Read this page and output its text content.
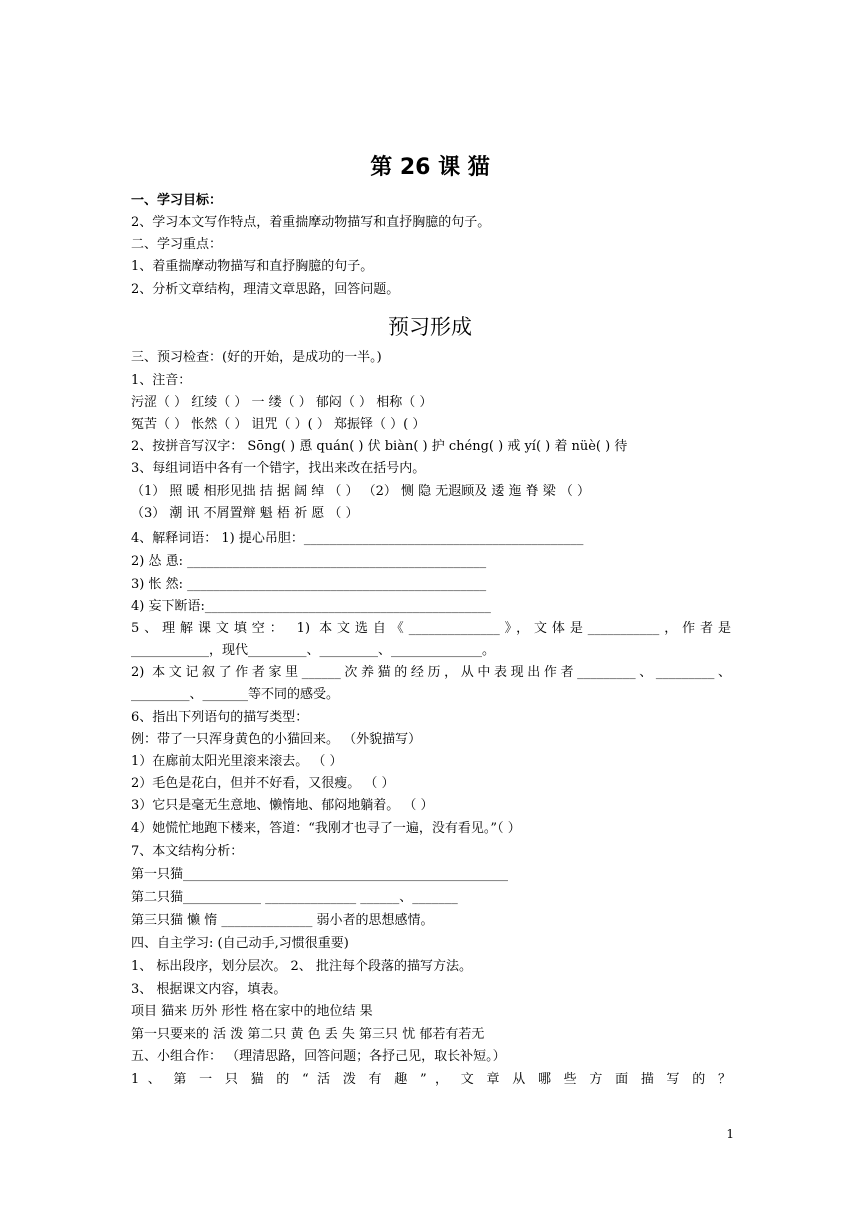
第 26 课 猫
一、学习目标：
2、学习本文写作特点，着重揣摩动物描写和直抒胸臆的句子。
二、学习重点：
1、着重揣摩动物描写和直抒胸臆的句子。
2、分析文章结构，理清文章思路，回答问题。
预习形成
三、预习检查：(好的开始，是成功的一半。)
1、注音：
污涩（ ） 红绫（ ） 一 缕（ ） 郁闷（ ） 相称（ ）
冤苦（ ） 怅然（ ） 诅咒（ ）( ） 郑振铎（ ）( ）
2、按拼音写汉字： Sōng( ) 恿 quán( ) 伏 biàn( ) 护 chéng( ) 戒 yí( ) 着 nüè( ) 待
3、每组词语中各有一个错字，找出来改在括号内。
（1） 照 暖 相形见拙 拮 据 阔 绰 （ ） （2） 恻 隐 无遐顾及 逶 迤 脊 梁 （ ）
（3） 潮 讯 不屑置辩 魁 梧 祈 愿 （ ）
4、解释词语： 1) 提心吊胆：___________________________________________
2) 怂 恿: ______________________________________________
3) 怅 然: ______________________________________________
4) 妄下断语:____________________________________________
5、理解课文填空： 1) 本文选自《______________》，文体是___________，作者是
____________，现代_________、_________、______________。
2) 本文记叙了作者家里______次养猫的经历，从中表现出作者_________、_________、
_________、_______等不同的感受。
6、指出下列语句的描写类型：
例：带了一只浑身黄色的小猫回来。 （外貌描写）
1）在廊前太阳光里滚来滚去。 （ ）
2）毛色是花白，但并不好看，又很瘦。 （ ）
3）它只是毫无生意地、懒惰地、郁闷地躺着。 （ ）
4）她慌忙地跑下楼来，答道：“我刚才也寻了一遍，没有看见。”（ ）
7、本文结构分析：
第一只猫__________________________________________________
第二只猫____________ ______________ ______、_______
第三只猫 懒 惰 ______________ 弱小者的思想感情。
四、自主学习: (自己动手,习惯很重要)
1、 标出段序，划分层次。 2、 批注每个段落的描写方法。
3、 根据课文内容，填表。
项目 猫来 历外 形性 格在家中的地位结 果
第一只要来的 活 泼 第二只 黄 色 丢 失 第三只 忧 郁若有若无
五、小组合作： （理清思路，回答问题；各抒己见，取长补短。）
1 、 第 一 只 猫 的 “ 活 泼 有 趣 ” ， 文 章 从 哪 些 方 面 描 写 的 ？
1
